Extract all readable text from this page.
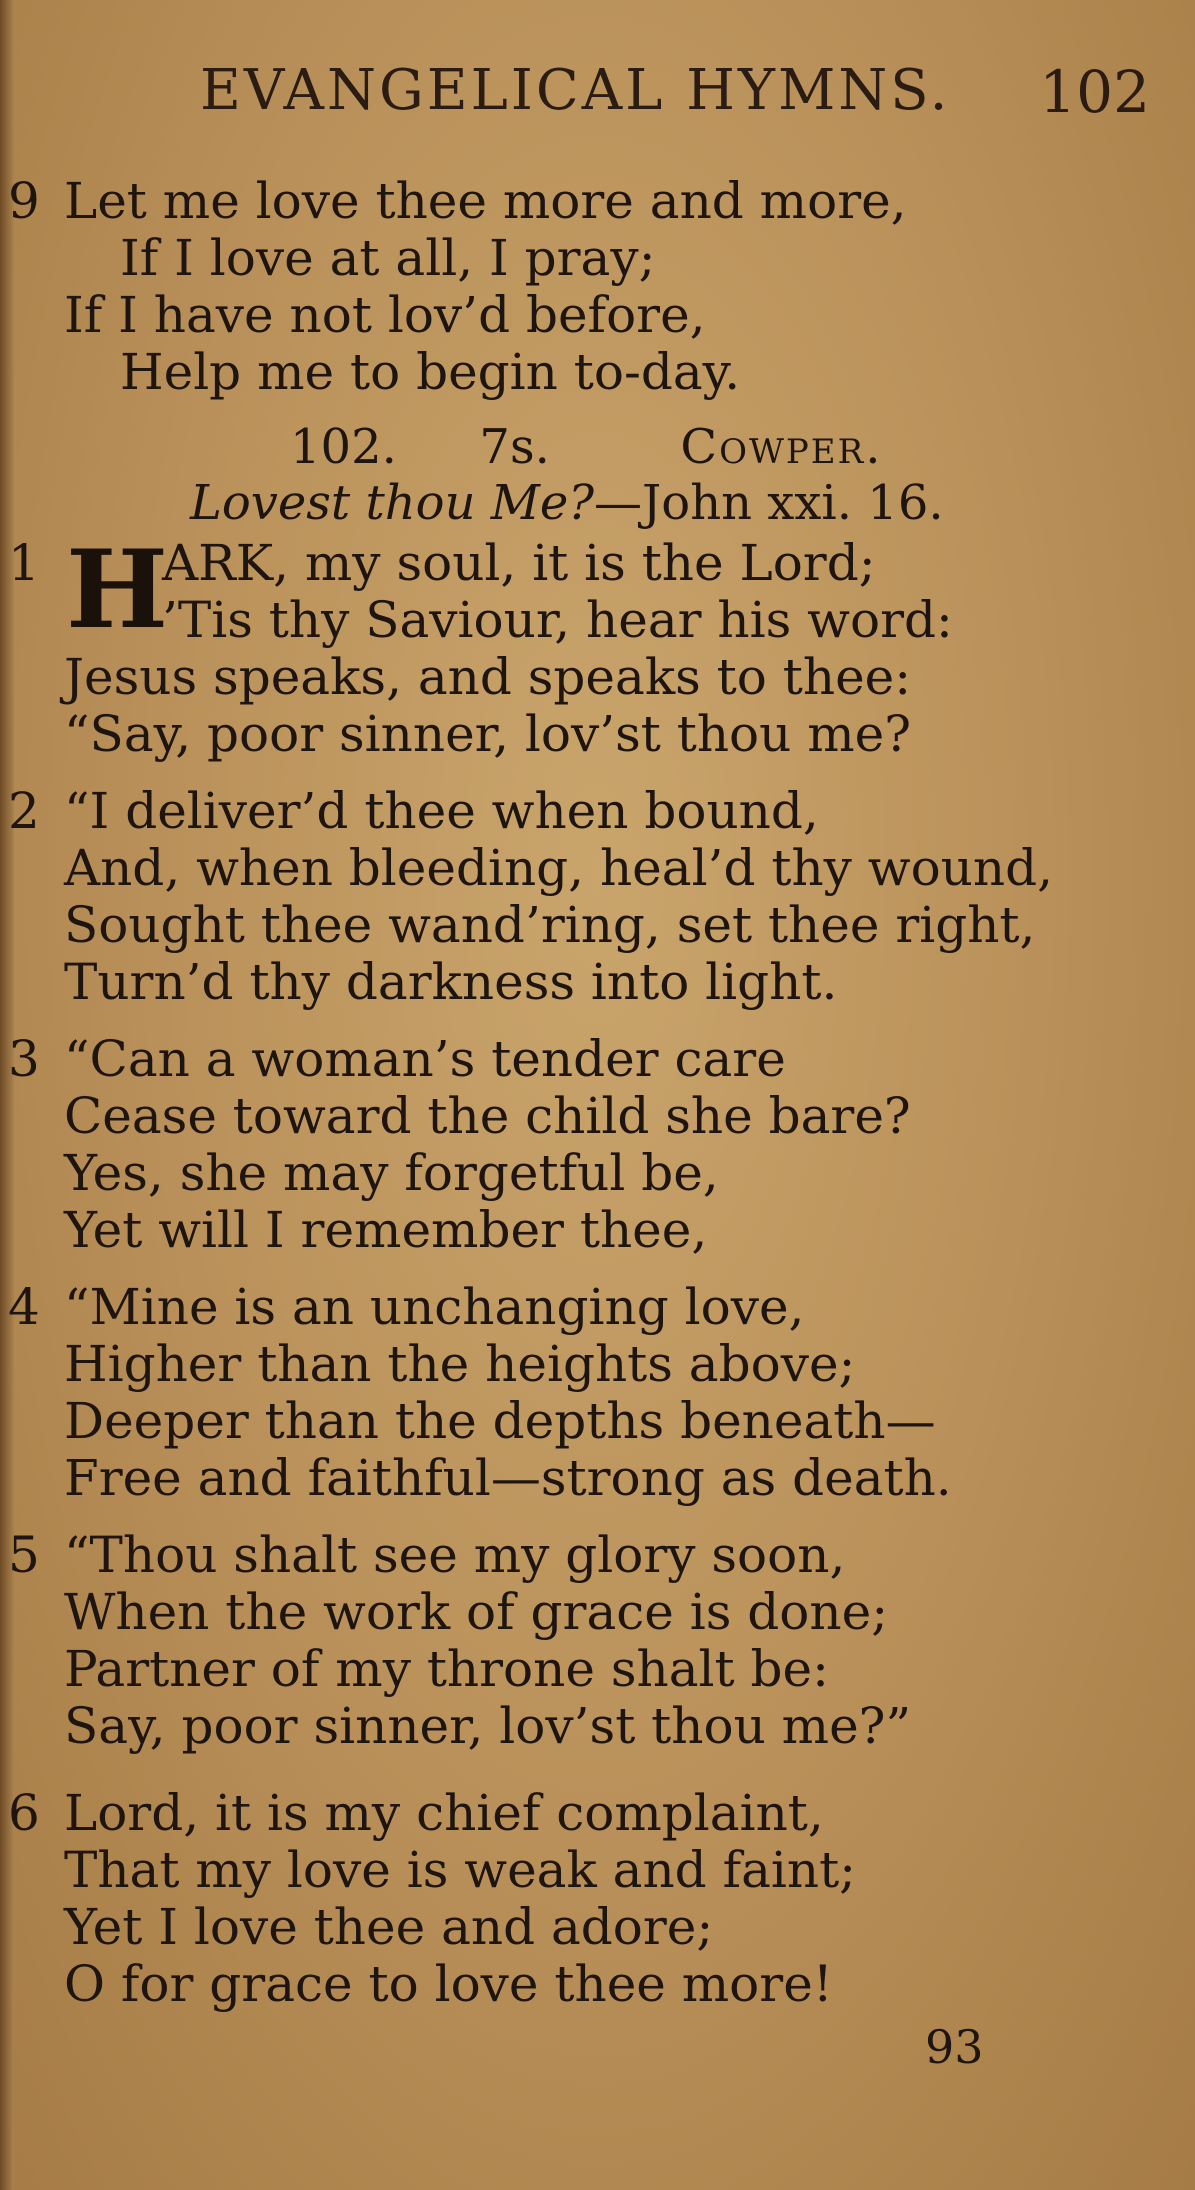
EVANGELICAL HYMNS. 102
9 Let me love thee more and more,
If I love at all, I pray;
If I have not lov’d before,
Help me to begin to-day.
102. 7s.	Cowper.
Lovest thou Me?—John xxi. 16.
1 H
ARK, my soul, it is the Lord;
’Tis thy Saviour, hear his word:
Jesus speaks, and speaks to thee:
“Say, poor sinner, lov’st thou me?
2 “I deliver’d thee when bound,
And, when bleeding, heal’d thy wound,
Sought thee wand’ring, set thee right,
Turn’d thy darkness into light.
3 “Can a woman’s tender care
Cease toward the child she bare?
Yes, she may forgetful be,
Yet will I remember thee,
4 “Mine is an unchanging love,
Higher than the heights above;
Deeper than the depths beneath—
Free and faithful—strong as death.
5 “Thou shalt see my glory soon,
When the work of grace is done;
Partner of my throne shalt be:
Say, poor sinner, lov’st thou me?”
6 Lord, it is my chief complaint,
That my love is weak and faint;
Yet I love thee and adore;
O for grace to love thee more!
93
